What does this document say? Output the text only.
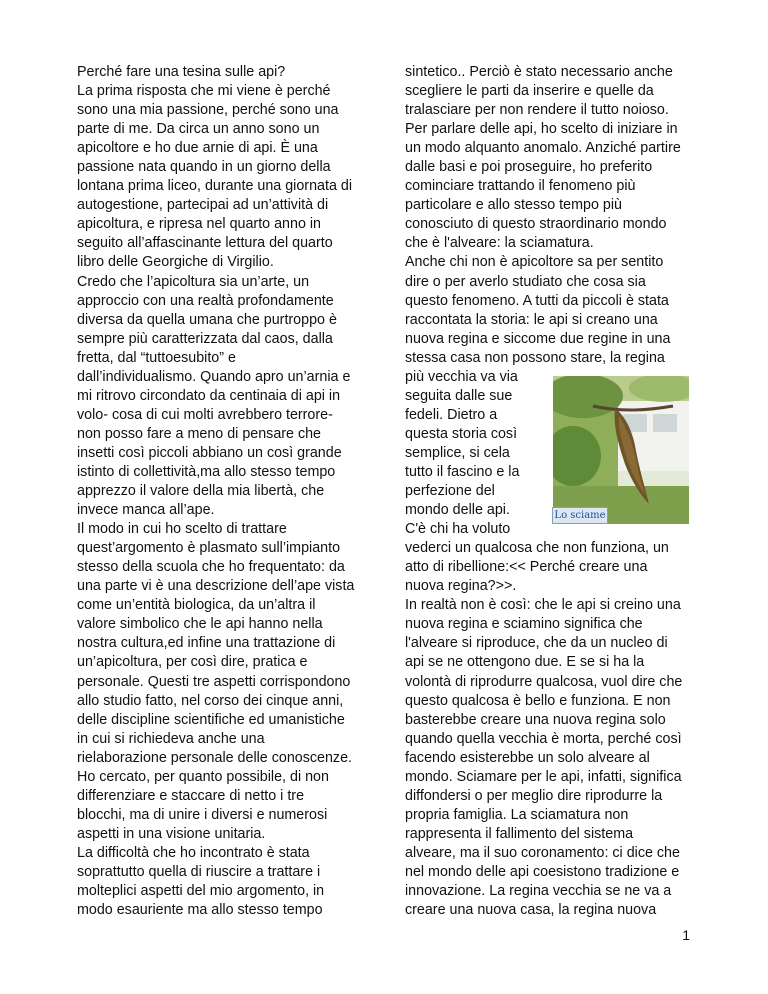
Perché fare una tesina sulle api?

La prima risposta che mi viene è perché

sono una mia passione, perché sono una

parte di me. Da circa un anno sono un

apicoltore e ho due arnie di api. È una

passione nata quando in un giorno della

lontana prima liceo, durante una giornata di

autogestione, partecipai ad un’attività di

apicoltura, e ripresa nel quarto anno in

seguito all’affascinante lettura del quarto

libro delle Georgiche di Virgilio.

Credo che l’apicoltura sia un’arte, un

approccio con una realtà profondamente

diversa da quella umana che purtroppo è

sempre più caratterizzata dal caos, dalla

fretta, dal “tuttoesubito” e

dall’individualismo. Quando apro un’arnia e

mi ritrovo circondato da centinaia di api in

volo- cosa di cui molti avrebbero terrore-

non posso fare a meno di pensare che

insetti così piccoli abbiano un così grande

istinto di collettività,ma allo stesso tempo

apprezzo il valore della mia libertà, che

invece manca all’ape.

Il modo in cui ho scelto di trattare

quest’argomento è plasmato sull’impianto

stesso della scuola che ho frequentato: da

una parte vi è una descrizione dell’ape vista

come un’entità biologica, da un’altra il

valore simbolico che le api hanno nella

nostra cultura,ed infine una trattazione di

un’apicoltura, per così dire, pratica e

personale. Questi tre aspetti corrispondono

allo studio fatto, nel corso dei cinque anni,

delle discipline scientifiche ed umanistiche

in cui si richiedeva anche una

rielaborazione personale delle conoscenze.

Ho cercato, per quanto possibile, di non

differenziare e staccare di netto i tre

blocchi, ma di unire i diversi e numerosi

aspetti in una visione unitaria.

La difficoltà che ho incontrato è stata

soprattutto quella di riuscire a trattare i

molteplici aspetti del mio argomento, in

modo esauriente ma allo stesso tempo

sintetico.. Perciò è stato necessario anche

scegliere le parti da inserire e quelle da

tralasciare per non rendere il tutto noioso.

Per parlare delle api, ho scelto di iniziare in

un modo alquanto anomalo. Anziché partire

dalle basi e poi proseguire, ho preferito

cominciare trattando il fenomeno più

particolare e allo stesso tempo più

conosciuto di questo straordinario mondo

che è l'alveare: la sciamatura.

Anche chi non è apicoltore sa per sentito

dire o per averlo studiato che cosa sia

questo fenomeno. A tutti da piccoli è stata

raccontata la storia: le api si creano una

nuova regina e siccome due regine in una

stessa casa non possono stare, la regina

più vecchia va via

seguita dalle sue

fedeli. Dietro a

questa storia così

semplice, si cela

tutto il fascino e la

perfezione del

mondo delle api.

C'è chi ha voluto

vederci un qualcosa che non funziona, un

atto di ribellione:<< Perché creare una

nuova regina?>>.

In realtà non è così: che le api si creino una

nuova regina e sciamino significa che

l'alveare si riproduce, che da un nucleo di

api se ne ottengono due. E se si ha la

volontà di riprodurre qualcosa, vuol dire che

questo qualcosa è bello e funziona. E non

basterebbe creare una nuova regina solo

quando quella vecchia è morta, perché così

facendo esisterebbe un solo alveare al

mondo. Sciamare per le api, infatti, significa

diffondersi o per meglio dire riprodurre la

propria famiglia. La sciamatura non

rappresenta il fallimento del sistema

alveare, ma il suo coronamento: ci dice che

nel mondo delle api coesistono tradizione e

innovazione. La regina vecchia se ne va a

creare una nuova casa, la regina nuova

Lo sciame
1
